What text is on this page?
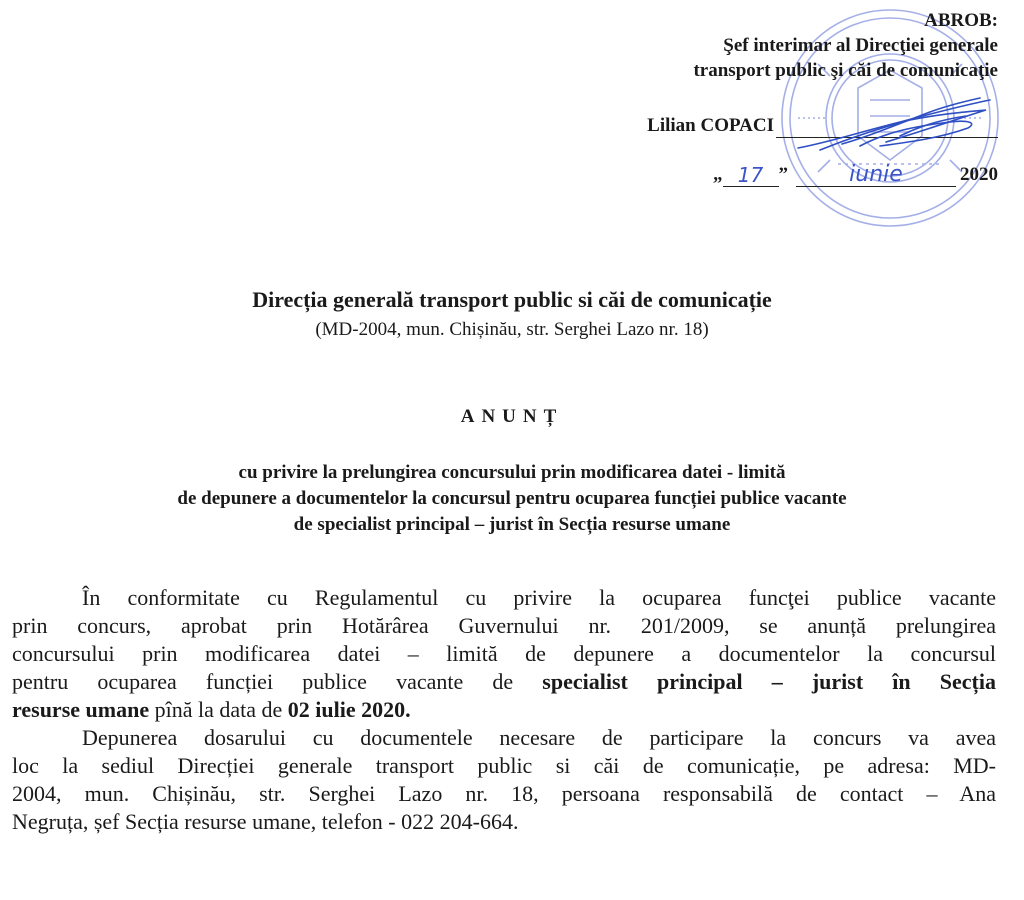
ABROB:
Şef interimar al Direcţiei generale
transport public şi căi de comunicaţie
Lilian COPACI
„ 17 ”	iunie	2020
Direcția generală transport public si căi de comunicație
(MD-2004, mun. Chișinău, str. Serghei Lazo nr. 18)
ANUNȚ
cu privire la prelungirea concursului prin modificarea datei - limită
de depunere a documentelor la concursul pentru ocuparea funcției publice vacante
de specialist principal – jurist în Secția resurse umane
În conformitate cu Regulamentul cu privire la ocuparea funcţei publice vacante
prin concurs, aprobat prin Hotărârea Guvernului nr. 201/2009, se anunță prelungirea
concursului prin modificarea datei – limită de depunere a documentelor la concursul
pentru ocuparea funcției publice vacante de specialist principal – jurist în Secția
resurse umane pînă la data de 02 iulie 2020.
Depunerea dosarului cu documentele necesare de participare la concurs va avea
loc la sediul Direcției generale transport public si căi de comunicație, pe adresa: MD-
2004, mun. Chișinău, str. Serghei Lazo nr. 18, persoana responsabilă de contact – Ana
Negruța, șef Secția resurse umane, telefon - 022 204-664.
